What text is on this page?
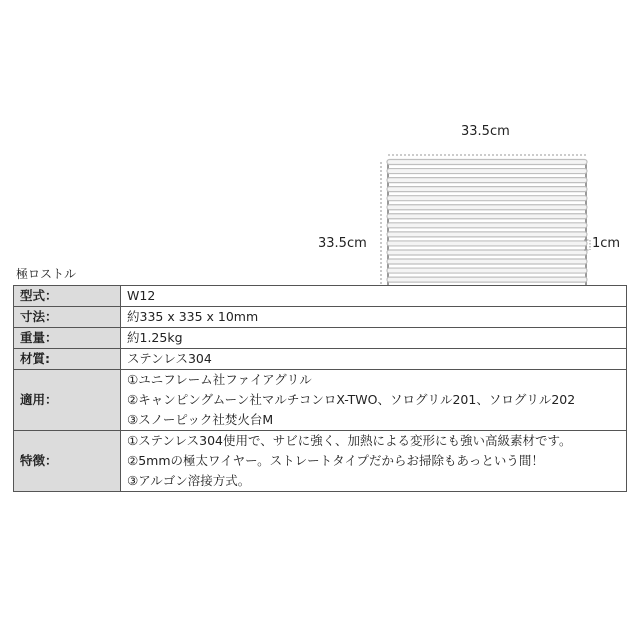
33.5cm
33.5cm	1cm
極ロストル
型式：	W12

寸法：	約335 x 335 x 10mm

重量：	約1.25kg

材質:	ステンレス304

適用：	①ユニフレーム社ファイアグリル
②キャンピングムーン社マルチコンロX-TWO、ソログリル201、ソログリル202
③スノーピック社焚火台M

特徴：	①ステンレス304使用で、サビに強く、加熱による変形にも強い高級素材です。
②5mmの極太ワイヤー。ストレートタイプだからお掃除もあっという間！
③アルゴン溶接方式。
